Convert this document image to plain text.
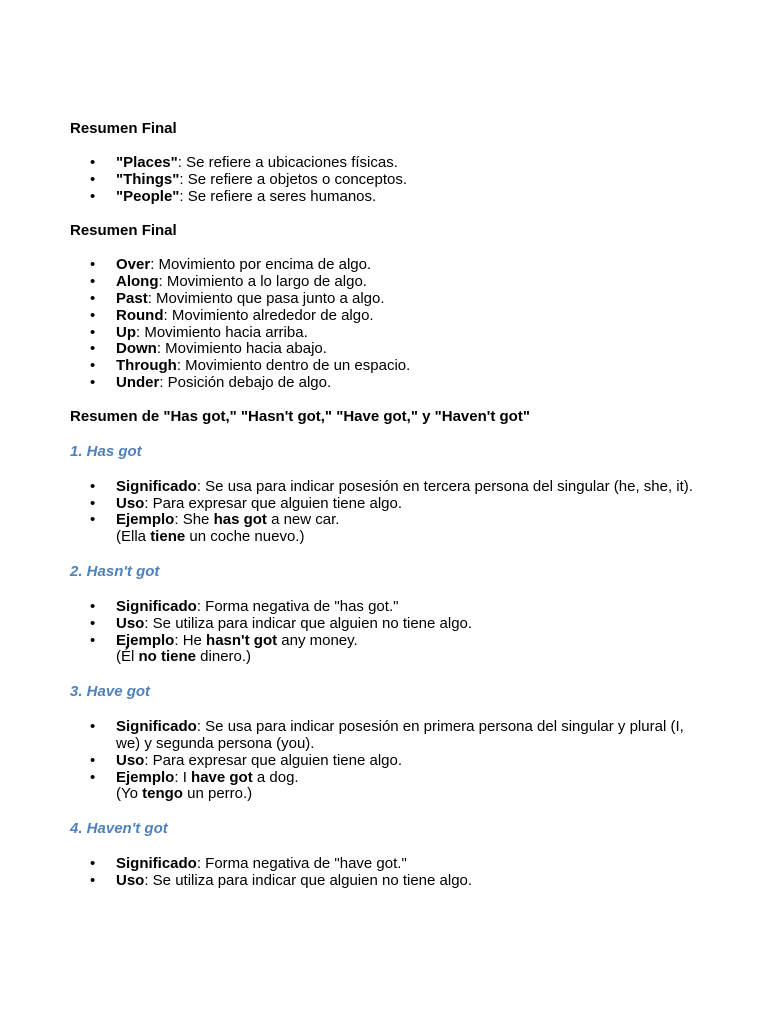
Resumen Final

• "Places": Se refiere a ubicaciones físicas.
• "Things": Se refiere a objetos o conceptos.
• "People": Se refiere a seres humanos.

Resumen Final

• Over: Movimiento por encima de algo.
• Along: Movimiento a lo largo de algo.
• Past: Movimiento que pasa junto a algo.
• Round: Movimiento alrededor de algo.
• Up: Movimiento hacia arriba.
• Down: Movimiento hacia abajo.
• Through: Movimiento dentro de un espacio.
• Under: Posición debajo de algo.

Resumen de "Has got," "Hasn't got," "Have got," y "Haven't got"

1. Has got

• Significado: Se usa para indicar posesión en tercera persona del singular (he, she, it).
• Uso: Para expresar que alguien tiene algo.
• Ejemplo: She has got a new car.
(Ella tiene un coche nuevo.)

2. Hasn't got

• Significado: Forma negativa de "has got."
• Uso: Se utiliza para indicar que alguien no tiene algo.
• Ejemplo: He hasn't got any money.
(Él no tiene dinero.)

3. Have got

• Significado: Se usa para indicar posesión en primera persona del singular y plural (I, we) y segunda persona (you).
• Uso: Para expresar que alguien tiene algo.
• Ejemplo: I have got a dog.
(Yo tengo un perro.)

4. Haven't got

• Significado: Forma negativa de "have got."
• Uso: Se utiliza para indicar que alguien no tiene algo.
